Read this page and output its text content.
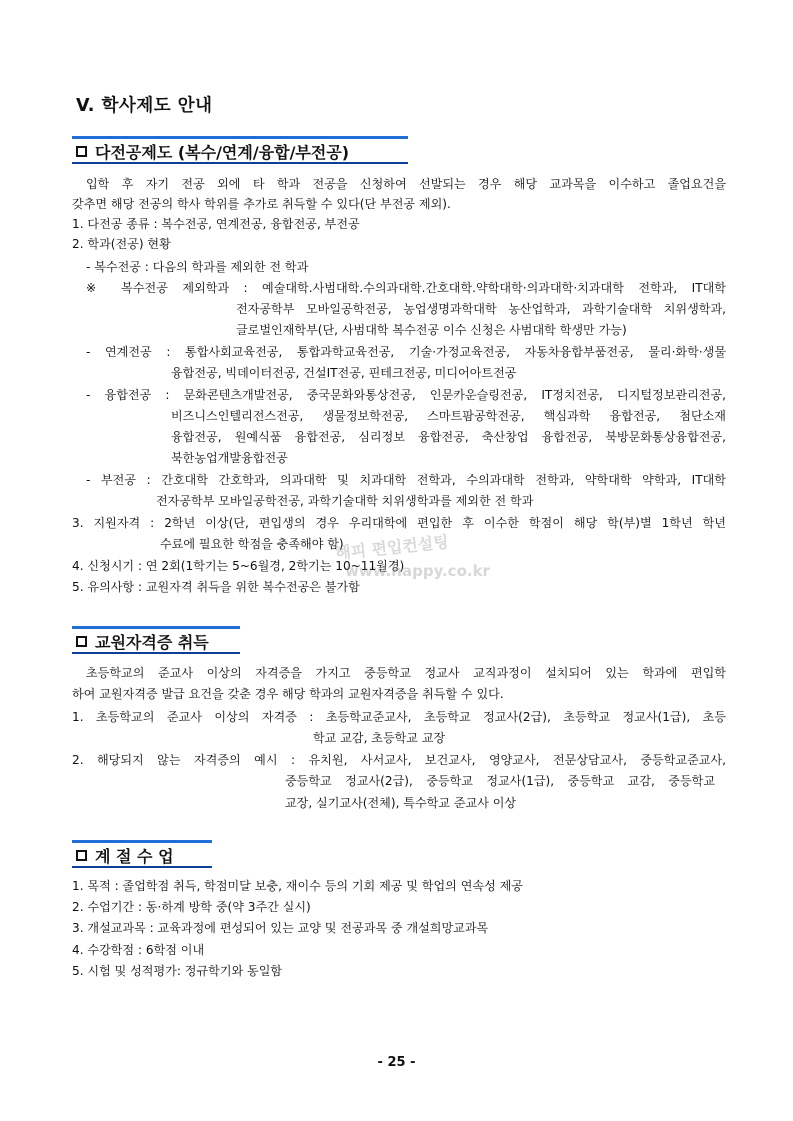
V. 학사제도 안내
다전공제도 (복수/연계/융합/부전공)
입학 후 자기 전공 외에 타 학과 전공을 신청하여 선발되는 경우 해당 교과목을 이수하고 졸업요건을
갖추면 해당 전공의 학사 학위를 추가로 취득할 수 있다(단 부전공 제외).
1. 다전공 종류 : 복수전공, 연계전공, 융합전공, 부전공
2. 학과(전공) 현황
- 복수전공 : 다음의 학과를 제외한 전 학과
※ 복수전공 제외학과 : 예술대학.사범대학.수의과대학.간호대학.약학대학·의과대학·치과대학 전학과, IT대학
전자공학부 모바일공학전공, 농업생명과학대학 농산업학과, 과학기술대학 치위생학과,
글로벌인재학부(단, 사범대학 복수전공 이수 신청은 사범대학 학생만 가능)
- 연계전공 : 통합사회교육전공, 통합과학교육전공, 기술·가정교육전공, 자동차융합부품전공, 물리·화학·생물
융합전공, 빅데이터전공, 건설IT전공, 핀테크전공, 미디어아트전공
- 융합전공 : 문화콘텐츠개발전공, 중국문화와통상전공, 인문카운슬링전공, IT정치전공, 디지털정보관리전공,
비즈니스인텔리전스전공, 생물정보학전공, 스마트팜공학전공, 핵심과학 융합전공, 첨단소재
융합전공, 원예식품 융합전공, 심리정보 융합전공, 축산창업 융합전공, 북방문화통상융합전공,
북한농업개발융합전공
- 부전공 : 간호대학 간호학과, 의과대학 및 치과대학 전학과, 수의과대학 전학과, 약학대학 약학과, IT대학
전자공학부 모바일공학전공, 과학기술대학 치위생학과를 제외한 전 학과
3. 지원자격 : 2학년 이상(단, 편입생의 경우 우리대학에 편입한 후 이수한 학점이 해당 학(부)별 1학년 학년
수료에 필요한 학점을 충족해야 함)
4. 신청시기 : 연 2회(1학기는 5~6월경, 2학기는 10~11월경)
5. 유의사항 : 교원자격 취득을 위한 복수전공은 불가함
해피 편입컨설팅
www.happy.co.kr
교원자격증 취득
초등학교의 준교사 이상의 자격증을 가지고 중등학교 정교사 교직과정이 설치되어 있는 학과에 편입학
하여 교원자격증 발급 요건을 갖춘 경우 해당 학과의 교원자격증을 취득할 수 있다.
1. 초등학교의 준교사 이상의 자격증 : 초등학교준교사, 초등학교 정교사(2급), 초등학교 정교사(1급), 초등
학교 교감, 초등학교 교장
2. 해당되지 않는 자격증의 예시 : 유치원, 사서교사, 보건교사, 영양교사, 전문상담교사, 중등학교준교사,
중등학교 정교사(2급), 중등학교 정교사(1급), 중등학교 교감, 중등학교
교장, 실기교사(전체), 특수학교 준교사 이상
계 절 수 업
1. 목적 : 졸업학점 취득, 학점미달 보충, 재이수 등의 기회 제공 및 학업의 연속성 제공
2. 수업기간 : 동·하계 방학 중(약 3주간 실시)
3. 개설교과목 : 교육과정에 편성되어 있는 교양 및 전공과목 중 개설희망교과목
4. 수강학점 : 6학점 이내
5. 시험 및 성적평가: 정규학기와 동일함
- 25 -
